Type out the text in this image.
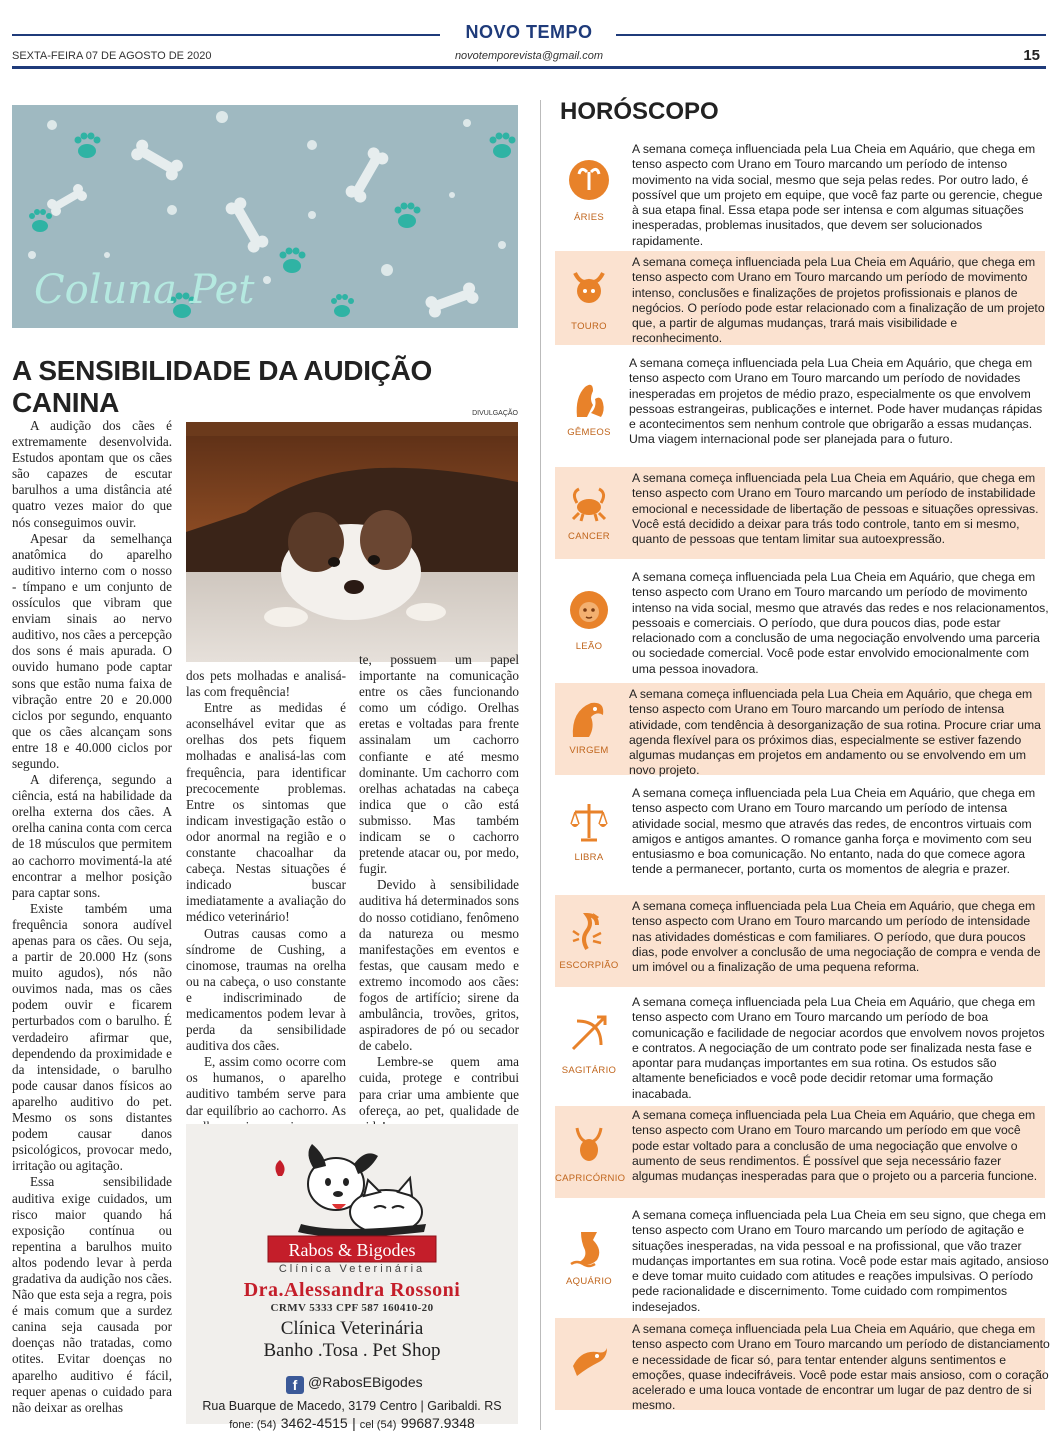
NOVO TEMPO
SEXTA-FEIRA 07 DE AGOSTO DE 2020	novotemporevista@gmail.com	15
Coluna Pet
A SENSIBILIDADE DA AUDIÇÃO CANINA	DIVULGAÇÃO

A audição dos cães é extremamente desenvolvida. Estudos apontam que os cães são capazes de escutar barulhos a uma distância até quatro vezes maior do que nós conseguimos ouvir.

Apesar da semelhança anatômica do aparelho auditivo interno com o nosso - tímpano e um conjunto de ossículos que vibram que enviam sinais ao nervo auditivo, nos cães a percepção dos sons é mais apurada. O ouvido humano pode captar sons que estão numa faixa de vibração entre 20 e 20.000 ciclos por segundo, enquanto que os cães alcançam sons entre 18 e 40.000 ciclos por segundo.

A diferença, segundo a ciência, está na habilidade da orelha externa dos cães. A orelha canina conta com cerca de 18 músculos que permitem ao cachorro movimentá-la até encontrar a melhor posição para captar sons.

Existe também uma frequência sonora audível apenas para os cães. Ou seja, a partir de 20.000 Hz (sons muito agudos), nós não ouvimos nada, mas os cães podem ouvir e ficarem perturbados com o barulho. É verdadeiro afirmar que, dependendo da proximidade e da intensidade, o barulho pode causar danos físicos ao aparelho auditivo do pet. Mesmo os sons distantes podem causar danos psicológicos, provocar medo, irritação ou agitação.

Essa sensibilidade auditiva exige cuidados, um risco maior quando há exposição contínua ou repentina a barulhos muito altos podendo levar à perda gradativa da audição nos cães. Não que esta seja a regra, pois é mais comum que a surdez canina seja causada por doenças não tratadas, como otites. Evitar doenças no aparelho auditivo é fácil, requer apenas o cuidado para não deixar as orelhas

dos pets molhadas e analisá-las com frequência!

Entre as medidas é aconselhável evitar que as orelhas dos pets fiquem molhadas e analisá-las com frequência, para identificar precocemente problemas. Entre os sintomas que indicam investigação estão o odor anormal na região e o constante chacoalhar da cabeça. Nestas situações é indicado buscar imediatamente a avaliação do médico veterinário!

Outras causas como a síndrome de Cushing, a cinomose, traumas na orelha ou na cabeça, o uso constante e indiscriminado de medicamentos podem levar à perda da sensibilidade auditiva dos cães.

E, assim como ocorre com os humanos, o aparelho auditivo também serve para dar equilíbrio ao cachorro. As

te, possuem um papel importante na comunicação entre os cães funcionando como um código. Orelhas eretas e voltadas para frente assinalam um cachorro confiante e até mesmo dominante. Um cachorro com orelhas achatadas na cabeça indica que o cão está submisso. Mas também indicam se o cachorro pretende atacar ou, por medo, fugir.

Devido à sensibilidade auditiva há determinados sons do nosso cotidiano, fenômeno da natureza ou mesmo manifestações em eventos e festas, que causam medo e extremo incomodo aos cães: fogos de artifício; sirene da ambulância, trovões, gritos, aspiradores de pó ou secador de cabelo.

Lembre-se quem ama cuida, protege e contribui para criar uma ambiente que ofereça, ao pet, qualidade de

Rabos & Bigodes
Clínica Veterinária
Dra.Alessandra Rossoni
CRMV 5333 CPF 587 160410-20
Clínica Veterinária
Banho .Tosa . Pet Shop
f @RabosEBigodes
Rua Buarque de Macedo, 3179 Centro | Garibaldi. RS
fone: (54) 3462-4515 | cel (54) 99687.9348
HORÓSCOPO
ÁRIES
A semana começa influenciada pela Lua Cheia em Aquário, que chega em tenso aspecto com Urano em Touro marcando um período de intenso movimento na vida social, mesmo que seja pelas redes. Por outro lado, é possível que um projeto em equipe, que você faz parte ou gerencie, chegue à sua etapa final. Essa etapa pode ser intensa e com algumas situações inesperadas, problemas inusitados, que devem ser solucionados rapidamente.
TOURO
A semana começa influenciada pela Lua Cheia em Aquário, que chega em tenso aspecto com Urano em Touro marcando um período de movimento intenso, conclusões e finalizações de projetos profissionais e planos de negócios. O período pode estar relacionado com a finalização de um projeto que, a partir de algumas mudanças, trará mais visibilidade e reconhecimento.
GÊMEOS
A semana começa influenciada pela Lua Cheia em Aquário, que chega em tenso aspecto com Urano em Touro marcando um período de novidades inesperadas em projetos de médio prazo, especialmente os que envolvem pessoas estrangeiras, publicações e internet. Pode haver mudanças rápidas e acontecimentos sem nenhum controle que obrigarão a essas mudanças. Uma viagem internacional pode ser planejada para o futuro.
CANCER
A semana começa influenciada pela Lua Cheia em Aquário, que chega em tenso aspecto com Urano em Touro marcando um período de instabilidade emocional e necessidade de libertação de pessoas e situações opressivas. Você está decidido a deixar para trás todo controle, tanto em si mesmo, quanto de pessoas que tentam limitar sua autoexpressão.
LEÃO
A semana começa influenciada pela Lua Cheia em Aquário, que chega em tenso aspecto com Urano em Touro marcando um período de movimento intenso na vida social, mesmo que através das redes e nos relacionamentos, pessoais e comerciais. O período, que dura poucos dias, pode estar relacionado com a conclusão de uma negociação envolvendo uma parceria ou sociedade comercial. Você pode estar envolvido emocionalmente com uma pessoa inovadora.
VIRGEM
A semana começa influenciada pela Lua Cheia em Aquário, que chega em tenso aspecto com Urano em Touro marcando um período de intensa atividade, com tendência à desorganização de sua rotina. Procure criar uma agenda flexível para os próximos dias, especialmente se estiver fazendo algumas mudanças em projetos em andamento ou se envolvendo em um novo projeto.
LIBRA
A semana começa influenciada pela Lua Cheia em Aquário, que chega em tenso aspecto com Urano em Touro marcando um período de intensa atividade social, mesmo que através das redes, de encontros virtuais com amigos e antigos amantes. O romance ganha força e movimento com seu entusiasmo e boa comunicação. No entanto, nada do que comece agora tende a permanecer, portanto, curta os momentos de alegria e prazer.
ESCORPIÃO
A semana começa influenciada pela Lua Cheia em Aquário, que chega em tenso aspecto com Urano em Touro marcando um período de intensidade nas atividades domésticas e com familiares. O período, que dura poucos dias, pode envolver a conclusão de uma negociação de compra e venda de um imóvel ou a finalização de uma pequena reforma.
SAGITÁRIO
A semana começa influenciada pela Lua Cheia em Aquário, que chega em tenso aspecto com Urano em Touro marcando um período de boa comunicação e facilidade de negociar acordos que envolvem novos projetos e contratos. A negociação de um contrato pode ser finalizada nesta fase e apontar para mudanças importantes em sua rotina. Os estudos são altamente beneficiados e você pode decidir retomar uma formação inacabada.
CAPRICÓRNIO
A semana começa influenciada pela Lua Cheia em Aquário, que chega em tenso aspecto com Urano em Touro marcando um período em que você pode estar voltado para a conclusão de uma negociação que envolve o aumento de seus rendimentos. É possível que seja necessário fazer algumas mudanças inesperadas para que o projeto ou a parceria funcione.
AQUÁRIO
A semana começa influenciada pela Lua Cheia em seu signo, que chega em tenso aspecto com Urano em Touro marcando um período de agitação e situações inesperadas, na vida pessoal e na profissional, que vão trazer mudanças importantes em sua rotina. Você pode estar mais agitado, ansioso e deve tomar muito cuidado com atitudes e reações impulsivas. O período pede racionalidade e discernimento. Tome cuidado com rompimentos indesejados.
A semana começa influenciada pela Lua Cheia em Aquário, que chega em tenso aspecto com Urano em Touro marcando um período de distanciamento e necessidade de ficar só, para tentar entender alguns sentimentos e emoções, quase indecifráveis. Você pode estar mais ansioso, com o coração acelerado e uma louca vontade de encontrar um lugar de paz dentro de si mesmo.
